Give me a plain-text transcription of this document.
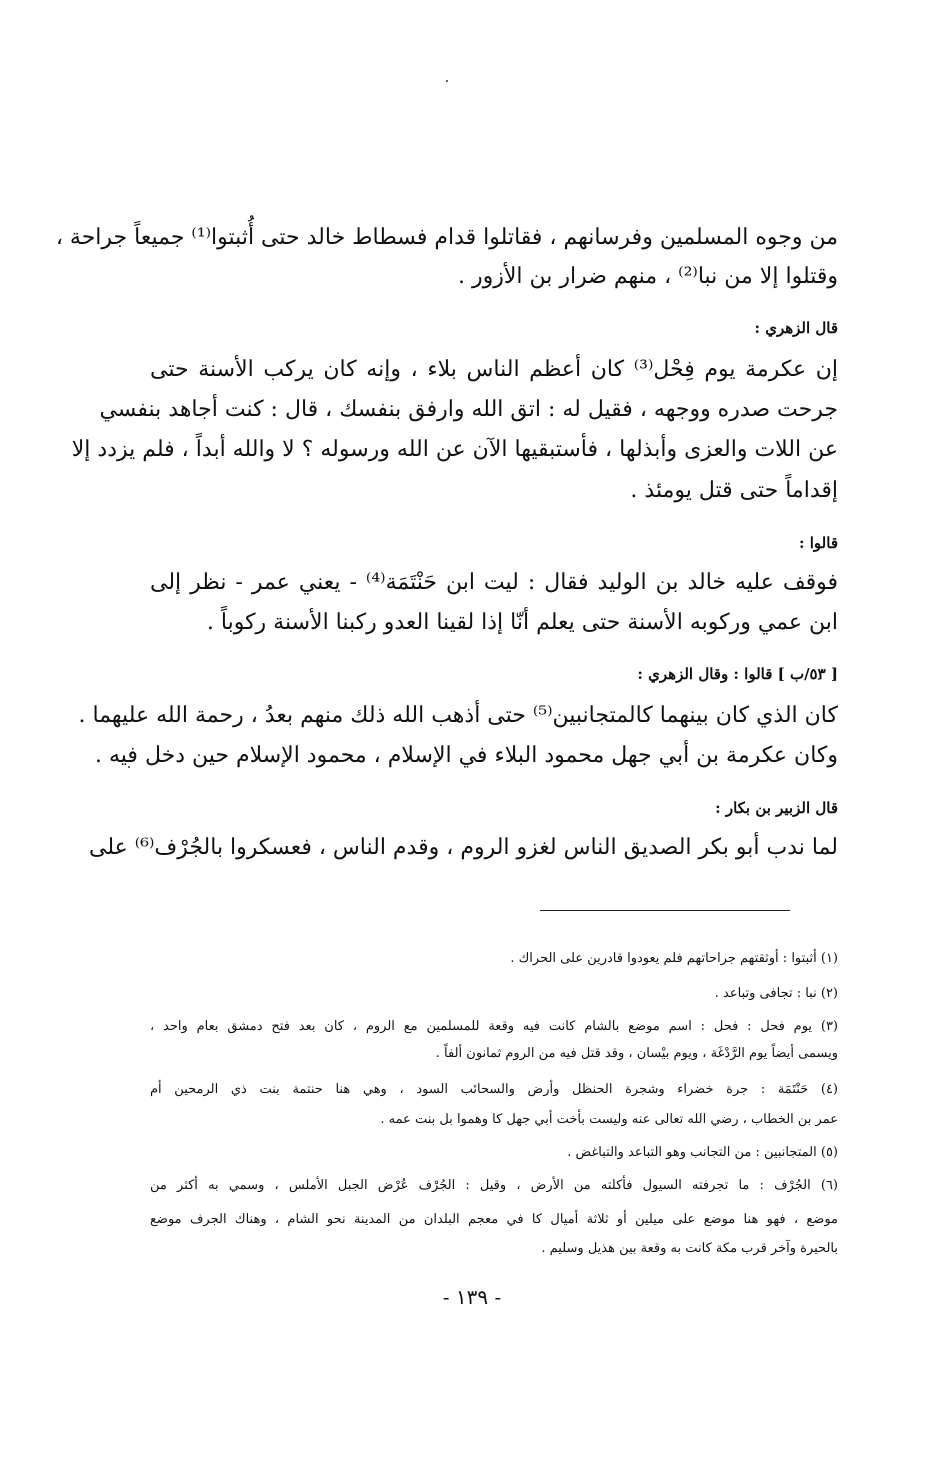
من وجوه المسلمين وفرسانهم ، فقاتلوا قدام فسطاط خالد حتى أُثبتوا⁽¹⁾ جميعاً جراحة ،
وقتلوا إلا من نبا⁽²⁾ ، منهم ضرار بن الأزور .
قال الزهري :
إن عكرمة يوم فِحْل⁽³⁾ كان أعظم الناس بلاء ، وإنه كان يركب الأسنة حتى
جرحت صدره ووجهه ، فقيل له : اتق الله وارفق بنفسك ، قال : كنت أجاهد بنفسي
عن اللات والعزى وأبذلها ، فأستبقيها الآن عن الله ورسوله ؟ لا والله أبداً ، فلم يزدد إلا
إقداماً حتى قتل يومئذ .
قالوا :
فوقف عليه خالد بن الوليد فقال : ليت ابن حَنْتَمَة⁽⁴⁾ - يعني عمر - نظر إلى
ابن عمي وركوبه الأسنة حتى يعلم أنّا إذا لقينا العدو ركبنا الأسنة ركوباً .
[ ٥٣/ب ] قالوا : وقال الزهري :
كان الذي كان بينهما كالمتجانبين⁽⁵⁾ حتى أذهب الله ذلك منهم بعدُ ، رحمة الله عليهما .
وكان عكرمة بن أبي جهل محمود البلاء في الإسلام ، محمود الإسلام حين دخل فيه .
قال الزبير بن بكار :
لما ندب أبو بكر الصديق الناس لغزو الروم ، وقدم الناس ، فعسكروا بالجُرْف⁽⁶⁾ على
(١) أثبتوا : أوثقتهم جراحاتهم فلم يعودوا قادرين على الحراك .
(٢) نبا : تجافى وتباعد .
(٣) يوم فحل : فحل : اسم موضع بالشام كانت فيه وقعة للمسلمين مع الروم ، كان بعد فتح دمشق بعام واحد ،
ويسمى أيضاً يوم الرَّدْغَة ، ويوم بيْسان ، وقد قتل فيه من الروم ثمانون ألفاً .
(٤) حَنْتَمَة : جرة خضراء وشجرة الحنظل وأرض والسحائب السود ، وهي هنا حنتمة بنت ذي الرمحين أم
عمر بن الخطاب ، رضي الله تعالى عنه وليست بأخت أبي جهل كا وهموا بل بنت عمه .
(٥) المتجانبين : من التجانب وهو التباعد والتباغض .
(٦) الجُرْف : ما تجرفته السيول فأكلته من الأرض ، وقيل : الجُرْف عُرْض الجبل الأملس ، وسمي به أكثر من
موضع ، فهو هنا موضع على ميلين أو ثلاثة أميال كا في معجم البلدان من المدينة نحو الشام ، وهناك الجرف موضع
بالحيرة وآخر قرب مكة كانت به وقعة بين هذيل وسليم .
- ١٣٩ -
